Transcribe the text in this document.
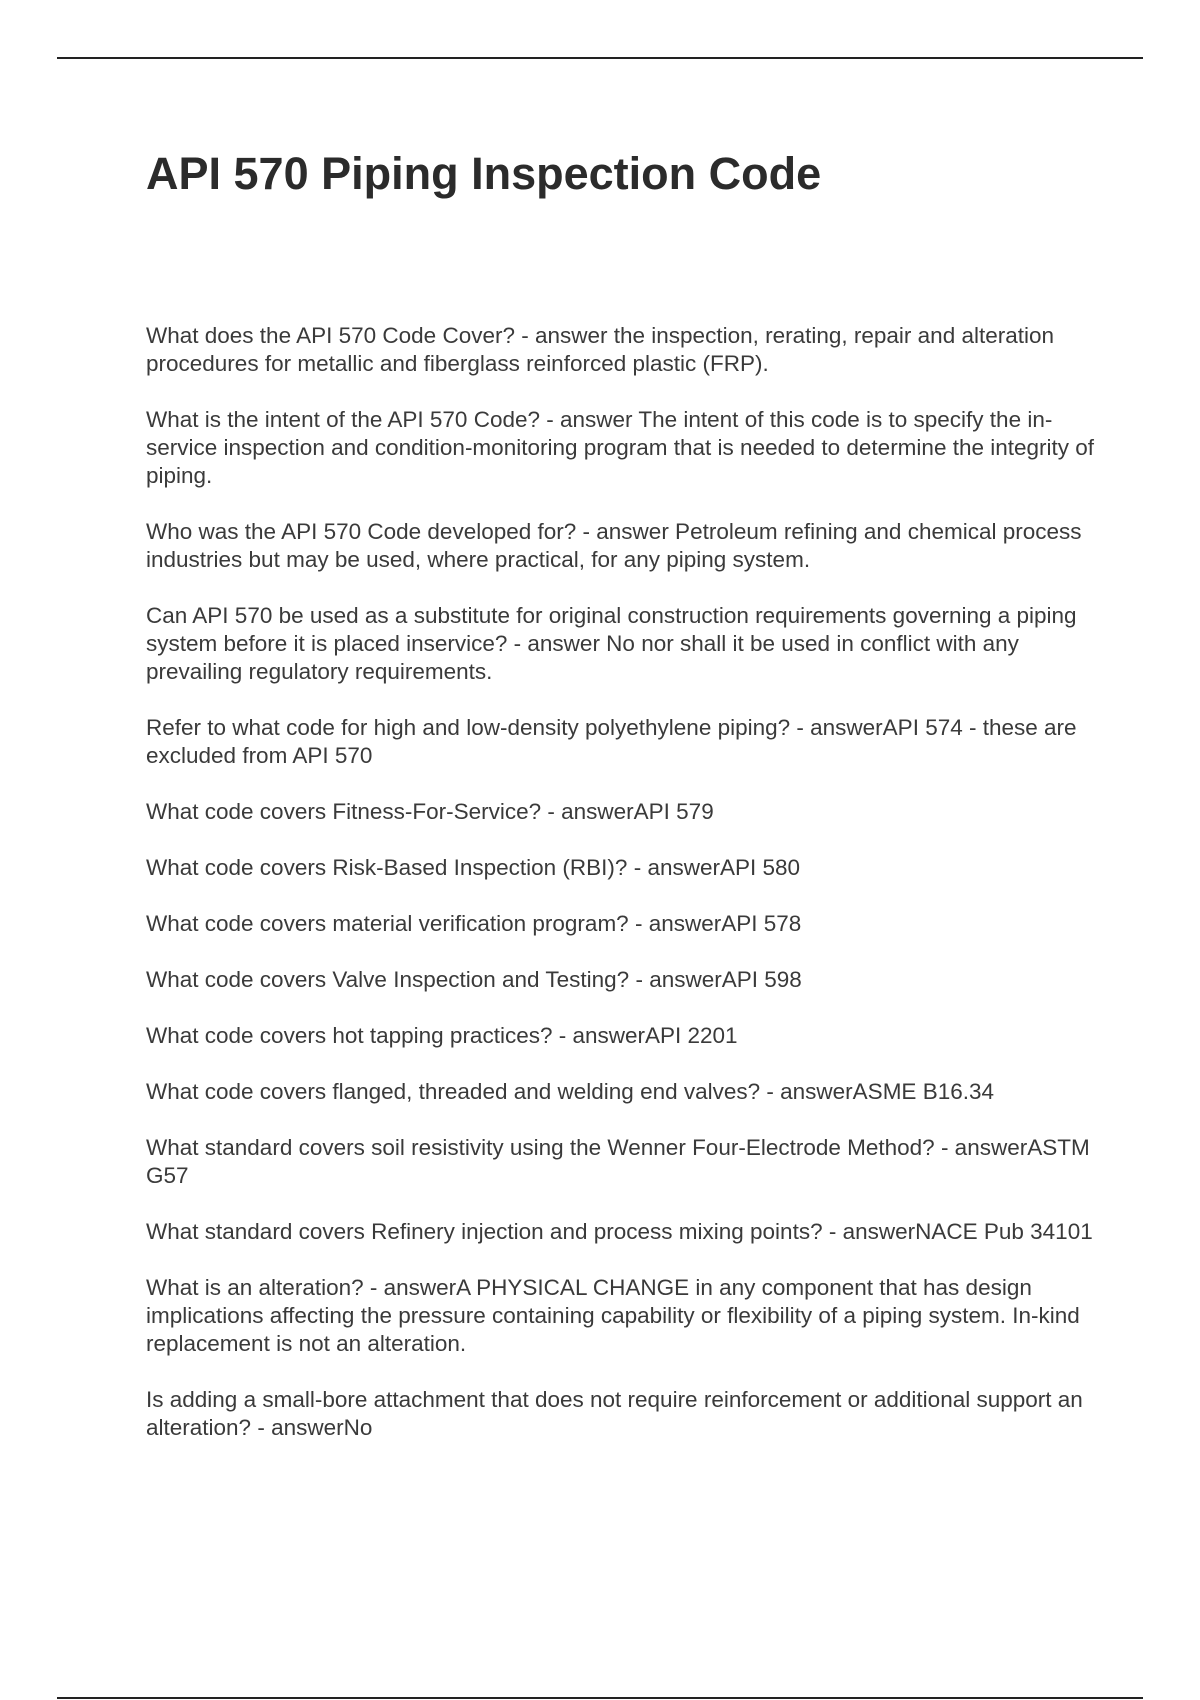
API 570 Piping Inspection Code

What does the API 570 Code Cover? - answer the inspection, rerating, repair and alteration procedures for metallic and fiberglass reinforced plastic (FRP).

What is the intent of the API 570 Code? - answer The intent of this code is to specify the in-service inspection and condition-monitoring program that is needed to determine the integrity of piping.

Who was the API 570 Code developed for? - answer Petroleum refining and chemical process industries but may be used, where practical, for any piping system.

Can API 570 be used as a substitute for original construction requirements governing a piping system before it is placed inservice? - answer No nor shall it be used in conflict with any prevailing regulatory requirements.

Refer to what code for high and low-density polyethylene piping? - answerAPI 574 - these are excluded from API 570

What code covers Fitness-For-Service? - answerAPI 579

What code covers Risk-Based Inspection (RBI)? - answerAPI 580

What code covers material verification program? - answerAPI 578

What code covers Valve Inspection and Testing? - answerAPI 598

What code covers hot tapping practices? - answerAPI 2201

What code covers flanged, threaded and welding end valves? - answerASME B16.34

What standard covers soil resistivity using the Wenner Four-Electrode Method? - answerASTM G57

What standard covers Refinery injection and process mixing points? - answerNACE Pub 34101

What is an alteration? - answerA PHYSICAL CHANGE in any component that has design implications affecting the pressure containing capability or flexibility of a piping system. In-kind replacement is not an alteration.

Is adding a small-bore attachment that does not require reinforcement or additional support an alteration? - answerNo
